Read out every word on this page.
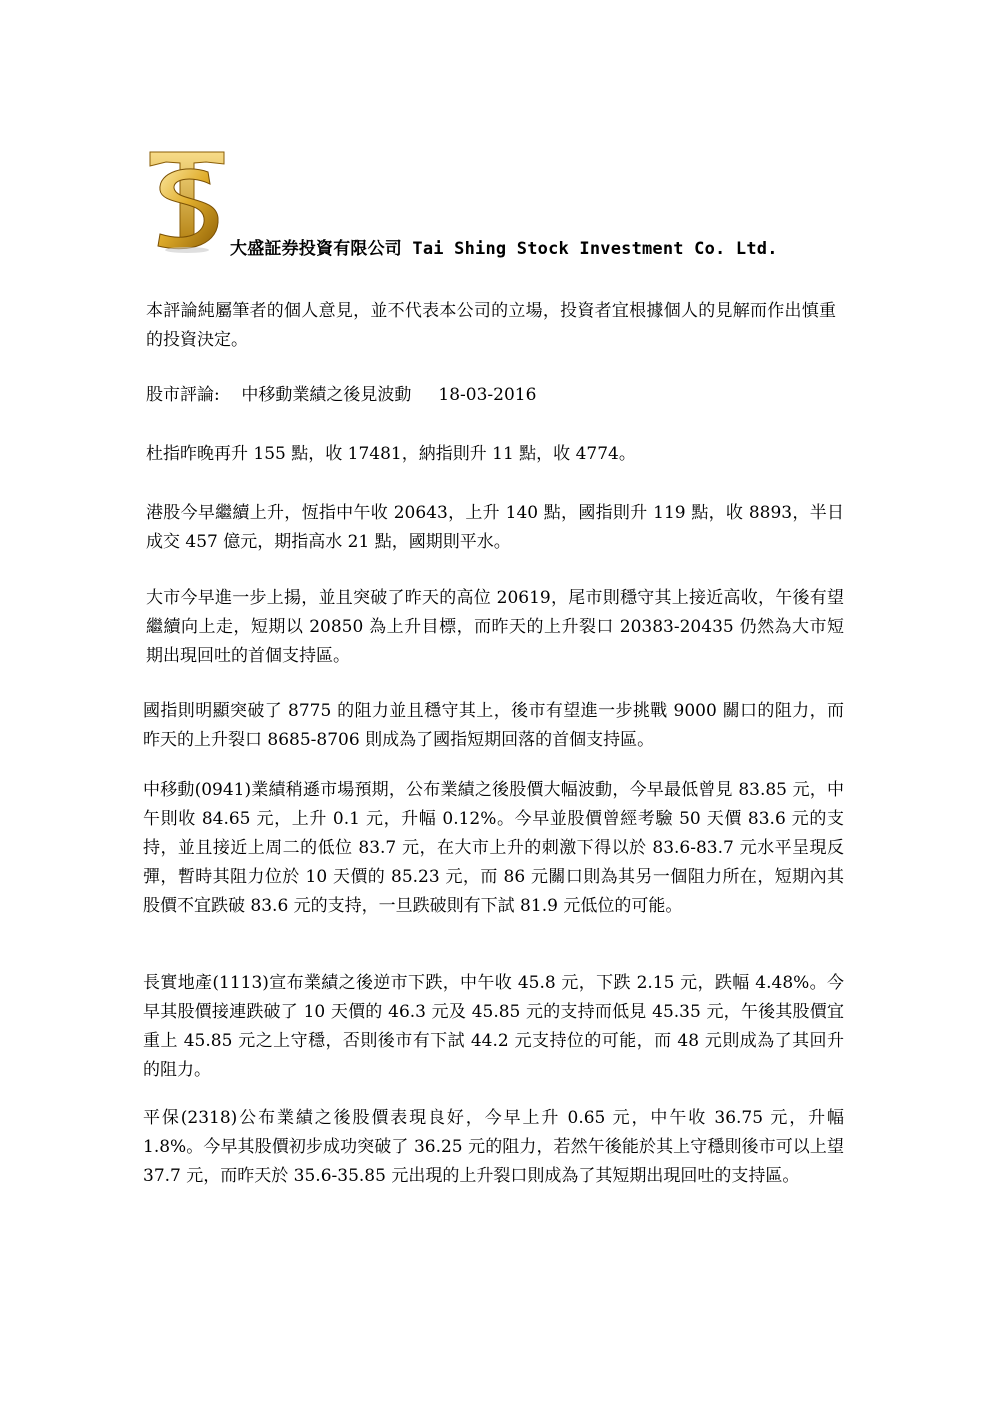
大盛証券投資有限公司 Tai Shing Stock Investment Co. Ltd.

本評論純屬筆者的個人意見，並不代表本公司的立場，投資者宜根據個人的見解而作出慎重的投資決定。

股市評論: 中移動業績之後見波動 18-03-2016

杜指昨晚再升 155 點，收 17481，納指則升 11 點，收 4774。

港股今早繼續上升，恆指中午收 20643，上升 140 點，國指則升 119 點，收 8893，半日成交 457 億元，期指高水 21 點，國期則平水。

大市今早進一步上揚，並且突破了昨天的高位 20619，尾市則穩守其上接近高收，午後有望繼續向上走，短期以 20850 為上升目標，而昨天的上升裂口 20383-20435 仍然為大市短期出現回吐的首個支持區。

國指則明顯突破了 8775 的阻力並且穩守其上，後市有望進一步挑戰 9000 關口的阻力，而昨天的上升裂口 8685-8706 則成為了國指短期回落的首個支持區。

中移動(0941)業績稍遜市場預期，公布業績之後股價大幅波動，今早最低曾見 83.85 元，中午則收 84.65 元，上升 0.1 元，升幅 0.12%。今早並股價曾經考驗 50 天價 83.6 元的支持，並且接近上周二的低位 83.7 元，在大市上升的刺激下得以於 83.6-83.7 元水平呈現反彈，暫時其阻力位於 10 天價的 85.23 元，而 86 元關口則為其另一個阻力所在，短期內其股價不宜跌破 83.6 元的支持，一旦跌破則有下試 81.9 元低位的可能。

長實地產(1113)宣布業績之後逆市下跌，中午收 45.8 元，下跌 2.15 元，跌幅 4.48%。今早其股價接連跌破了 10 天價的 46.3 元及 45.85 元的支持而低見 45.35 元，午後其股價宜重上 45.85 元之上守穩，否則後市有下試 44.2 元支持位的可能，而 48 元則成為了其回升的阻力。

平保(2318)公布業績之後股價表現良好，今早上升 0.65 元，中午收 36.75 元，升幅 1.8%。今早其股價初步成功突破了 36.25 元的阻力，若然午後能於其上守穩則後市可以上望 37.7 元，而昨天於 35.6-35.85 元出現的上升裂口則成為了其短期出現回吐的支持區。
